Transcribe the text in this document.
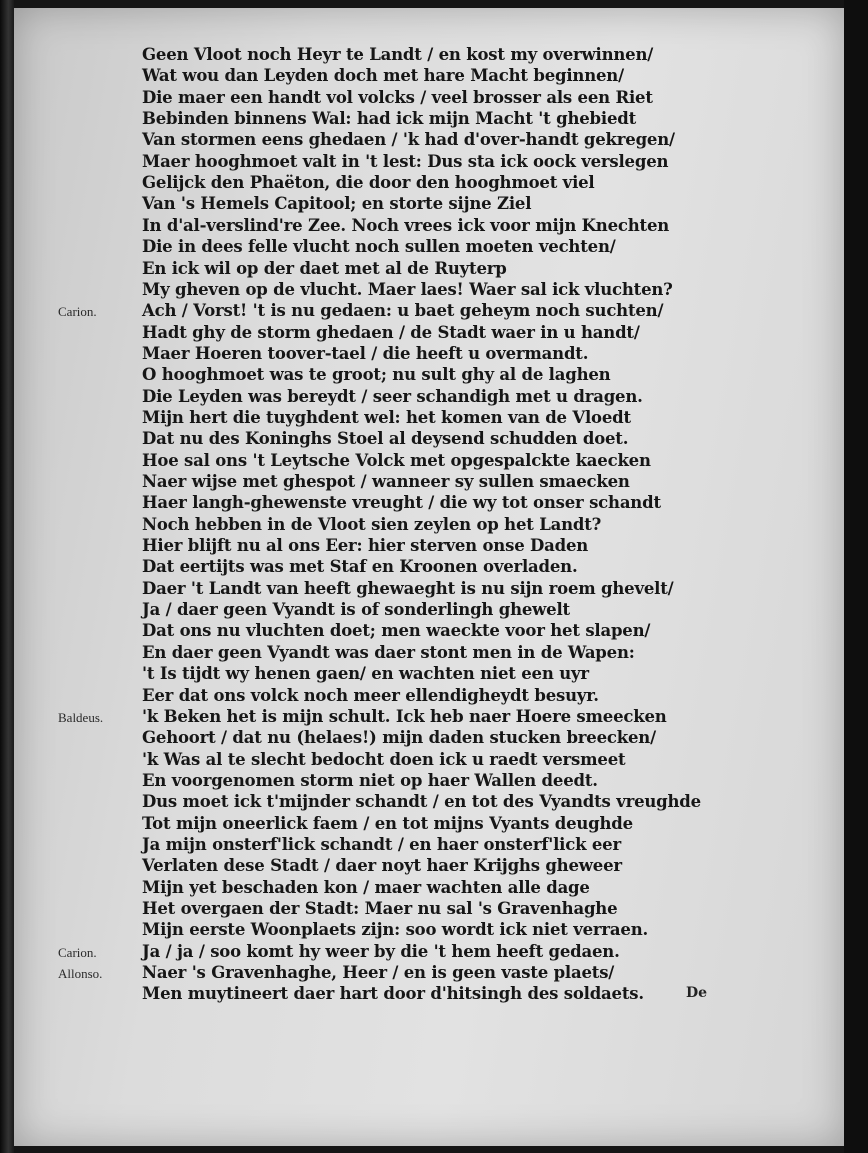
Geen Vloot noch Heyr te Landt / en kost my overwinnen/
Wat wou dan Leyden doch met hare Macht beginnen/
Die maer een handt vol volcks / veel brosser als een Riet
Bebinden binnens Wal: had ick mijn Macht 't ghebiedt
Van stormen eens ghedaen / 'k had d'over-handt gekregen/
Maer hooghmoet valt in 't lest: Dus sta ick oock verslegen
Gelijck den Phaëton, die door den hooghmoet viel
Van 's Hemels Capitool; en storte sijne Ziel
In d'al-verslind're Zee. Noch vrees ick voor mijn Knechten
Die in dees felle vlucht noch sullen moeten vechten/
En ick wil op der daet met al de Ruyterp
My gheven op de vlucht. Maer laes! Waer sal ick vluchten?
Ach / Vorst! 't is nu gedaen: u baet geheym noch suchten/
Hadt ghy de storm ghedaen / de Stadt waer in u handt/
Maer Hoeren toover-tael / die heeft u overmandt.
O hooghmoet was te groot; nu sult ghy al de laghen
Die Leyden was bereydt / seer schandigh met u dragen.
Mijn hert die tuyghdent wel: het komen van de Vloedt
Dat nu des Koninghs Stoel al deysend schudden doet.
Hoe sal ons 't Leytsche Volck met opgespalckte kaecken
Naer wijse met ghespot / wanneer sy sullen smaecken
Haer langh-ghewenste vreught / die wy tot onser schandt
Noch hebben in de Vloot sien zeylen op het Landt?
Hier blijft nu al ons Eer: hier sterven onse Daden
Dat eertijts was met Staf en Kroonen overladen.
Daer 't Landt van heeft ghewaeght is nu sijn roem ghevelt/
Ja / daer geen Vyandt is of sonderlingh ghewelt
Dat ons nu vluchten doet; men waeckte voor het slapen/
En daer geen Vyandt was daer stont men in de Wapen:
't Is tijdt wy henen gaen/ en wachten niet een uyr
Eer dat ons volck noch meer ellendigheydt besuyr.
'k Beken het is mijn schult. Ick heb naer Hoere smeecken
Gehoort / dat nu (helaes!) mijn daden stucken breecken/
'k Was al te slecht bedocht doen ick u raedt versmeet
En voorgenomen storm niet op haer Wallen deedt.
Dus moet ick t'mijnder schandt / en tot des Vyandts vreughde
Tot mijn oneerlick faem / en tot mijns Vyants deughde
Ja mijn onsterf'lick schandt / en haer onsterf'lick eer
Verlaten dese Stadt / daer noyt haer Krijghs gheweer
Mijn yet beschaden kon / maer wachten alle dage
Het overgaen der Stadt: Maer nu sal 's Gravenhaghe
Mijn eerste Woonplaets zijn: soo wordt ick niet verraen.
Ja / ja / soo komt hy weer by die 't hem heeft gedaen.
Naer 's Gravenhaghe, Heer / en is geen vaste plaets/
Men muytineert daer hart door d'hitsingh des soldaets.
Carion.
Baldeus.
Carion.
Allonso.
De
